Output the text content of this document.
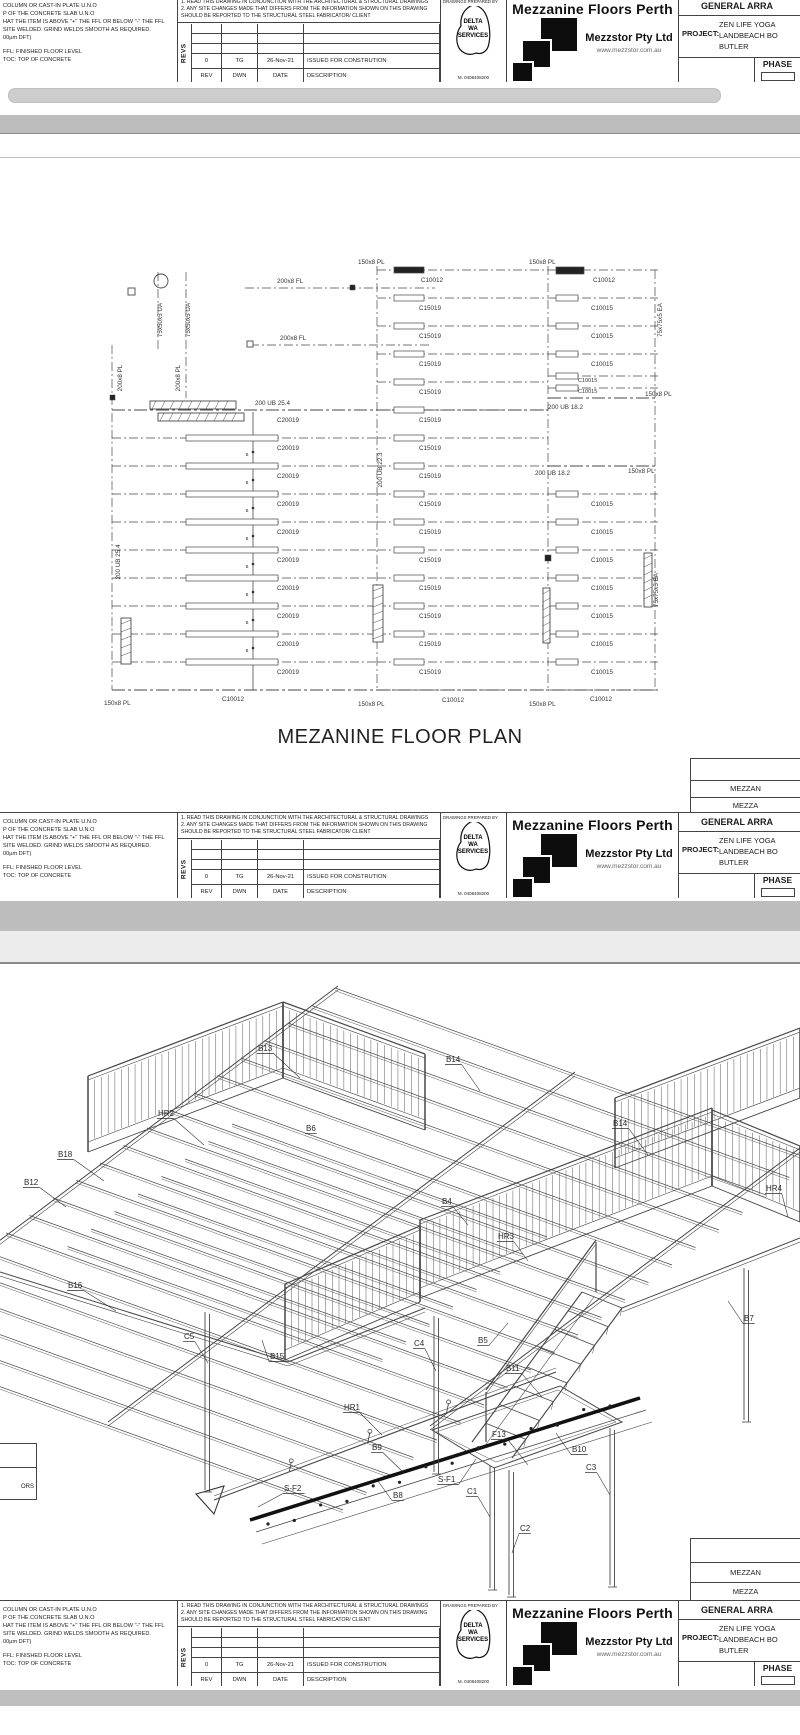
COLUMN OR CAST-IN PLATE U.N.O
P OF THE CONCRETE SLAB U.N.O
HAT THE ITEM IS ABOVE "+" THE FFL OR BELOW "-" THE FFL
SITE WELDED. GRIND WELDS SMOOTH AS REQUIRED.
00µm DFT)
FFL: FINISHED FLOOR LEVEL
TOC: TOP OF CONCRETE
1. READ THIS DRAWING IN CONJUNCTION WITH THE ARCHITECTURAL & STRUCTURAL DRAWINGS
2. ANY SITE CHANGES MADE THAT DIFFERS FROM THE INFORMATION SHOWN ON THIS DRAWING SHOULD BE REPORTED TO THE STRUCTURAL STEEL FABRICATOR/ CLIENT
REVS	0	TG	26-Nov-21	ISSUED FOR CONSTRUTION
REV	DWN	DATE	DESCRIPTION
DRAWINGS PREPARED BY
DELTA
WA
SERVICES
M. 0408408200
Mezzanine Floors Perth
Mezzstor Pty Ltd
www.mezzstor.com.au
GENERAL ARRA
PROJECT:
ZEN LIFE YOGA
LANDBEACH BO
BUTLER
PHASE
B
B
B
B
B
B
B
B
C20019
C20019
C20019
C20019
C20019
C20019
C20019
C20019
C20019
C20019
C10012
C15019
C15019
C15019
C15019
C15019
C15019
C15019
C15019
C15019
C15019
C15019
C15019
C15019
C15019
C10012
C10015
C10015
C10015
C10015
C10015
C10015
C10015
C10015
C10015
C10015
150x8 PL	150x8 PL
200x8 FL
200x8 FL
75x50x5 UA	75x50x5 UA
200x8 PL	200x8 PL
200 UB 25.4
200 UB 25.4
200 UB 22.3
75x75x5 EA
75x75x5 EA
150x8 PL
200 UB 18.2
C10015
C10015
200 UB 18.2	150x8 PL
150x8 PL
C10012
150x8 PL
C10012
150x8 PL
C10012
MEZANINE FLOOR PLAN
MEZZAN
MEZZA
COLUMN OR CAST-IN PLATE U.N.O
P OF THE CONCRETE SLAB U.N.O
HAT THE ITEM IS ABOVE "+" THE FFL OR BELOW "-" THE FFL
SITE WELDED. GRIND WELDS SMOOTH AS REQUIRED.
00µm DFT)
FFL: FINISHED FLOOR LEVEL
TOC: TOP OF CONCRETE
1. READ THIS DRAWING IN CONJUNCTION WITH THE ARCHITECTURAL & STRUCTURAL DRAWINGS
2. ANY SITE CHANGES MADE THAT DIFFERS FROM THE INFORMATION SHOWN ON THIS DRAWING SHOULD BE REPORTED TO THE STRUCTURAL STEEL FABRICATOR/ CLIENT
REVS	0	TG	26-Nov-21	ISSUED FOR CONSTRUTION
REV	DWN	DATE	DESCRIPTION
DRAWINGS PREPARED BY
DELTA
WA
SERVICES
M. 0408408200
Mezzanine Floors Perth
Mezzstor Pty Ltd
www.mezzstor.com.au
GENERAL ARRA
PROJECT:
ZEN LIFE YOGA
LANDBEACH BO
BUTLER
PHASE
B13
B14
B14
HR2
B18
B12
B6
HR4
B4
HR3
B16
C5
B15
C4	B5
B11
B7
HR1
B9
F13
B10
C3
S-F1
S-F2
B8	C1
C2
ORS
MEZZAN
MEZZA
COLUMN OR CAST-IN PLATE U.N.O
P OF THE CONCRETE SLAB U.N.O
HAT THE ITEM IS ABOVE "+" THE FFL OR BELOW "-" THE FFL
SITE WELDED. GRIND WELDS SMOOTH AS REQUIRED.
00µm DFT)
FFL: FINISHED FLOOR LEVEL
TOC: TOP OF CONCRETE
1. READ THIS DRAWING IN CONJUNCTION WITH THE ARCHITECTURAL & STRUCTURAL DRAWINGS
2. ANY SITE CHANGES MADE THAT DIFFERS FROM THE INFORMATION SHOWN ON THIS DRAWING SHOULD BE REPORTED TO THE STRUCTURAL STEEL FABRICATOR/ CLIENT
REVS	0	TG	26-Nov-21	ISSUED FOR CONSTRUTION
REV	DWN	DATE	DESCRIPTION
DRAWINGS PREPARED BY
DELTA
WA
SERVICES
M. 0408408200
Mezzanine Floors Perth
Mezzstor Pty Ltd
www.mezzstor.com.au
GENERAL ARRA
PROJECT:
ZEN LIFE YOGA
LANDBEACH BO
BUTLER
PHASE
